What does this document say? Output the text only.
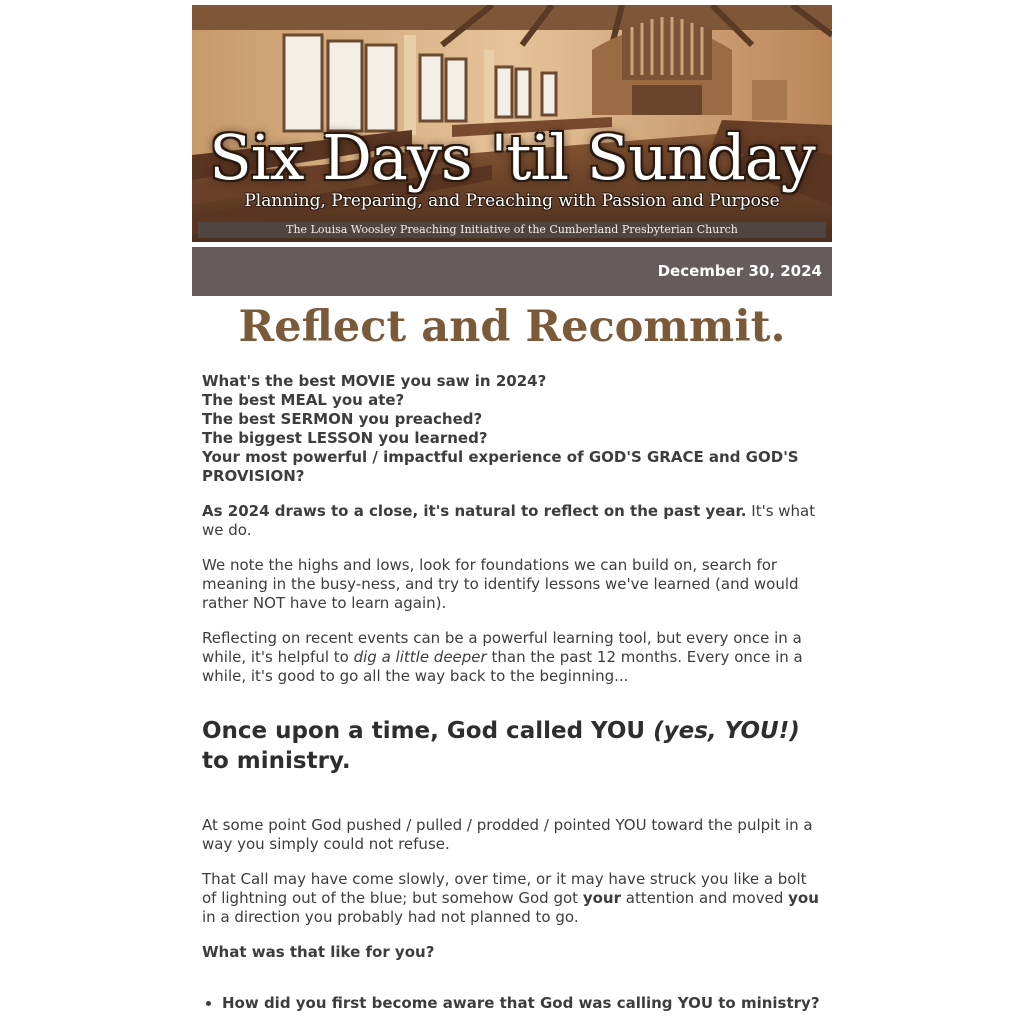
Six Days 'til Sunday
Planning, Preparing, and Preaching with Passion and Purpose
The Louisa Woosley Preaching Initiative of the Cumberland Presbyterian Church
December 30, 2024
Reflect and Recommit.
What's the best MOVIE you saw in 2024?
The best MEAL you ate?
The best SERMON you preached?
The biggest LESSON you learned?
Your most powerful / impactful experience of GOD'S GRACE and GOD'S PROVISION?

As 2024 draws to a close, it's natural to reflect on the past year. It's what we do.

We note the highs and lows, look for foundations we can build on, search for meaning in the busy-ness, and try to identify lessons we've learned (and would rather NOT have to learn again).

Reflecting on recent events can be a powerful learning tool, but every once in a while, it's helpful to dig a little deeper than the past 12 months. Every once in a while, it's good to go all the way back to the beginning...

Once upon a time, God called YOU (yes, YOU!) to ministry.

At some point God pushed / pulled / prodded / pointed YOU toward the pulpit in a way you simply could not refuse.

That Call may have come slowly, over time, or it may have struck you like a bolt of lightning out of the blue; but somehow God got your attention and moved you in a direction you probably had not planned to go.

What was that like for you?

• How did you first become aware that God was calling YOU to ministry?
